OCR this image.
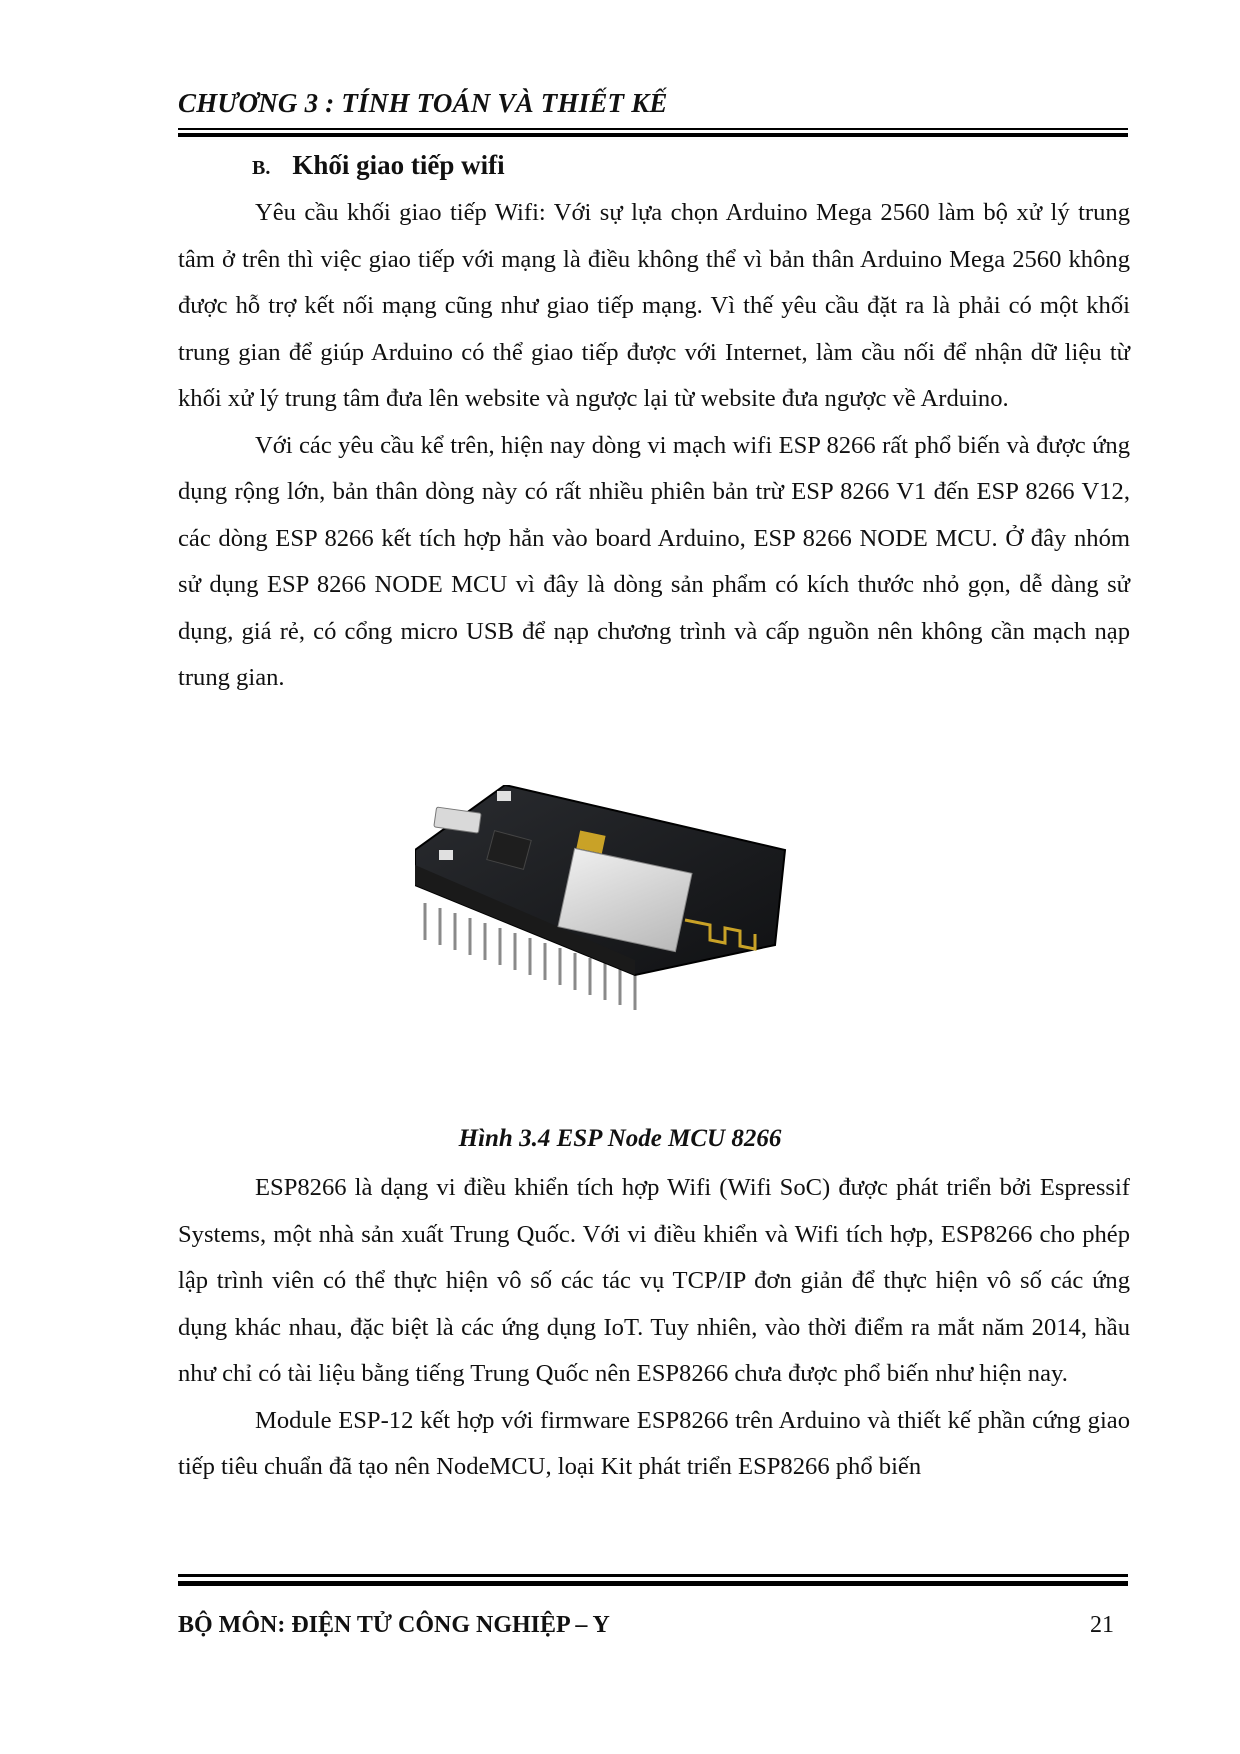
CHƯƠNG 3 : TÍNH TOÁN VÀ THIẾT KẾ
B. Khối giao tiếp wifi

Yêu cầu khối giao tiếp Wifi: Với sự lựa chọn Arduino Mega 2560 làm bộ xử lý trung tâm ở trên thì việc giao tiếp với mạng là điều không thể vì bản thân Arduino Mega 2560 không được hỗ trợ kết nối mạng cũng như giao tiếp mạng. Vì thế yêu cầu đặt ra là phải có một khối trung gian để giúp Arduino có thể giao tiếp được với Internet, làm cầu nối để nhận dữ liệu từ khối xử lý trung tâm đưa lên website và ngược lại từ website đưa ngược về Arduino.

Với các yêu cầu kể trên, hiện nay dòng vi mạch wifi ESP 8266 rất phổ biến và được ứng dụng rộng lớn, bản thân dòng này có rất nhiều phiên bản trừ ESP 8266 V1 đến ESP 8266 V12, các dòng ESP 8266 kết tích hợp hẳn vào board Arduino, ESP 8266 NODE MCU. Ở đây nhóm sử dụng ESP 8266 NODE MCU vì đây là dòng sản phẩm có kích thước nhỏ gọn, dễ dàng sử dụng, giá rẻ, có cổng micro USB để nạp chương trình và cấp nguồn nên không cần mạch nạp trung gian.

Hình 3.4 ESP Node MCU 8266

ESP8266 là dạng vi điều khiển tích hợp Wifi (Wifi SoC) được phát triển bởi Espressif Systems, một nhà sản xuất Trung Quốc. Với vi điều khiển và Wifi tích hợp, ESP8266 cho phép lập trình viên có thể thực hiện vô số các tác vụ TCP/IP đơn giản để thực hiện vô số các ứng dụng khác nhau, đặc biệt là các ứng dụng IoT. Tuy nhiên, vào thời điểm ra mắt năm 2014, hầu như chỉ có tài liệu bằng tiếng Trung Quốc nên ESP8266 chưa được phổ biến như hiện nay.

Module ESP-12 kết hợp với firmware ESP8266 trên Arduino và thiết kế phần cứng giao tiếp tiêu chuẩn đã tạo nên NodeMCU, loại Kit phát triển ESP8266 phổ biến

BỘ MÔN: ĐIỆN TỬ CÔNG NGHIỆP – Y	21
